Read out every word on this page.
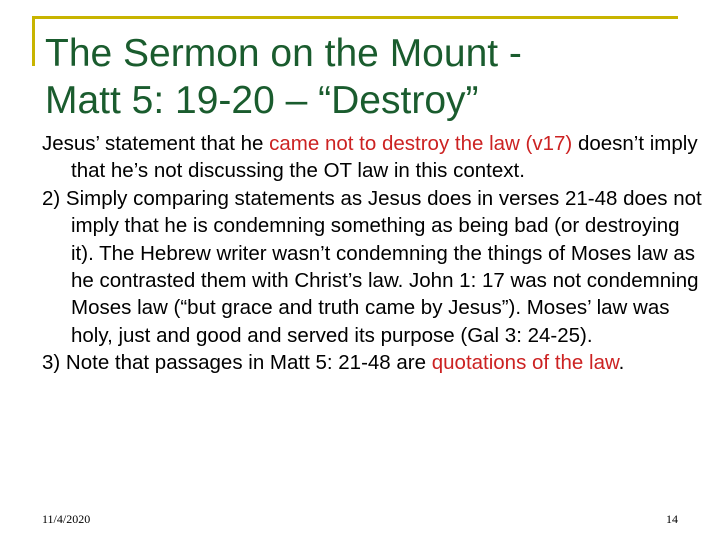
The Sermon on the Mount -
Matt 5: 19-20 – “Destroy”

Jesus’ statement that he came not to destroy the law (v17) doesn’t imply that he’s not discussing the OT law in this context.

2) Simply comparing statements as Jesus does in verses 21-48 does not imply that he is condemning something as being bad (or destroying it). The Hebrew writer wasn’t condemning the things of Moses law as he contrasted them with Christ’s law. John 1: 17 was not condemning Moses law (“but grace and truth came by Jesus”). Moses’ law was holy, just and good and served its purpose (Gal 3: 24-25).

3) Note that passages in Matt 5: 21-48 are quotations of the law.

11/4/2020	14
